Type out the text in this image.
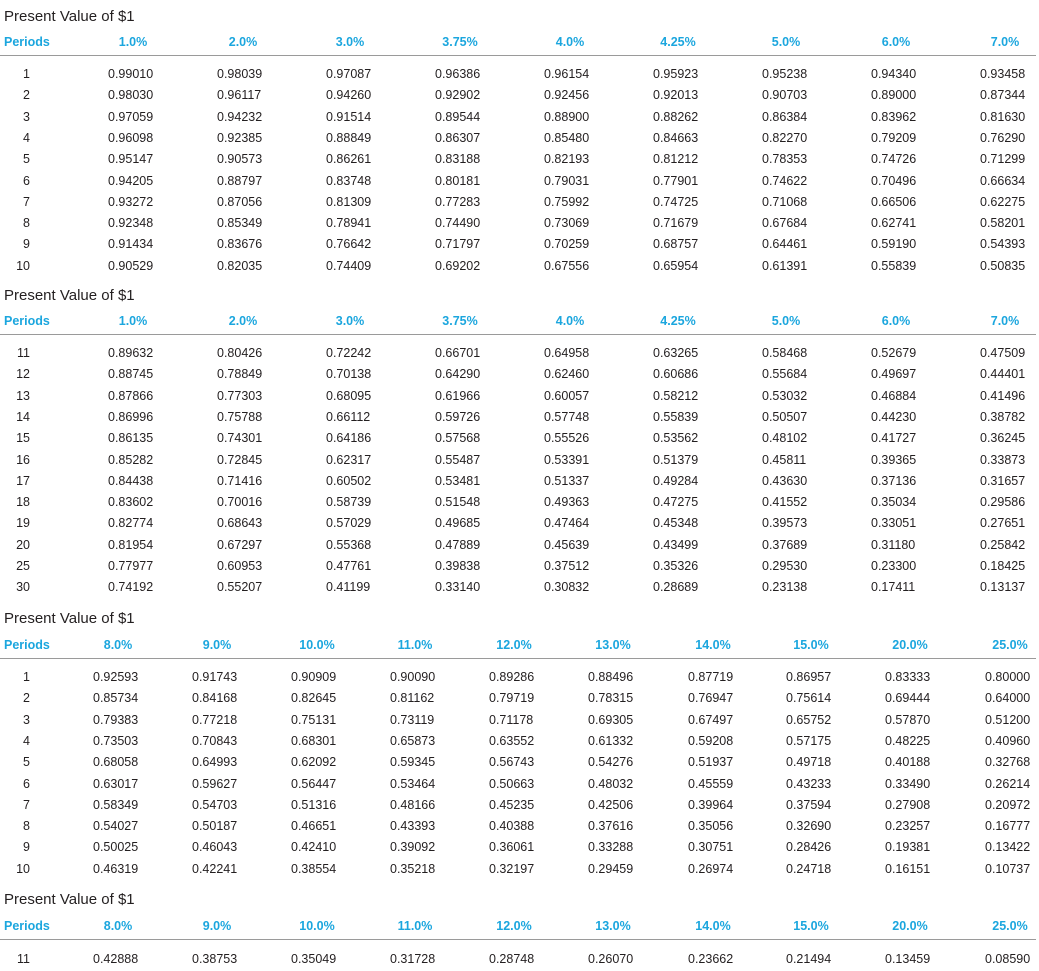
Present Value of $1
Periods	1.0%	2.0%	3.0%	3.75%	4.0%	4.25%	5.0%	6.0%	7.0%
1	0.99010	0.98039	0.97087	0.96386	0.96154	0.95923	0.95238	0.94340	0.93458
2	0.98030	0.96117	0.94260	0.92902	0.92456	0.92013	0.90703	0.89000	0.87344
3	0.97059	0.94232	0.91514	0.89544	0.88900	0.88262	0.86384	0.83962	0.81630
4	0.96098	0.92385	0.88849	0.86307	0.85480	0.84663	0.82270	0.79209	0.76290
5	0.95147	0.90573	0.86261	0.83188	0.82193	0.81212	0.78353	0.74726	0.71299
6	0.94205	0.88797	0.83748	0.80181	0.79031	0.77901	0.74622	0.70496	0.66634
7	0.93272	0.87056	0.81309	0.77283	0.75992	0.74725	0.71068	0.66506	0.62275
8	0.92348	0.85349	0.78941	0.74490	0.73069	0.71679	0.67684	0.62741	0.58201
9	0.91434	0.83676	0.76642	0.71797	0.70259	0.68757	0.64461	0.59190	0.54393
10	0.90529	0.82035	0.74409	0.69202	0.67556	0.65954	0.61391	0.55839	0.50835
Present Value of $1
Periods	1.0%	2.0%	3.0%	3.75%	4.0%	4.25%	5.0%	6.0%	7.0%
11	0.89632	0.80426	0.72242	0.66701	0.64958	0.63265	0.58468	0.52679	0.47509
12	0.88745	0.78849	0.70138	0.64290	0.62460	0.60686	0.55684	0.49697	0.44401
13	0.87866	0.77303	0.68095	0.61966	0.60057	0.58212	0.53032	0.46884	0.41496
14	0.86996	0.75788	0.66112	0.59726	0.57748	0.55839	0.50507	0.44230	0.38782
15	0.86135	0.74301	0.64186	0.57568	0.55526	0.53562	0.48102	0.41727	0.36245
16	0.85282	0.72845	0.62317	0.55487	0.53391	0.51379	0.45811	0.39365	0.33873
17	0.84438	0.71416	0.60502	0.53481	0.51337	0.49284	0.43630	0.37136	0.31657
18	0.83602	0.70016	0.58739	0.51548	0.49363	0.47275	0.41552	0.35034	0.29586
19	0.82774	0.68643	0.57029	0.49685	0.47464	0.45348	0.39573	0.33051	0.27651
20	0.81954	0.67297	0.55368	0.47889	0.45639	0.43499	0.37689	0.31180	0.25842
25	0.77977	0.60953	0.47761	0.39838	0.37512	0.35326	0.29530	0.23300	0.18425
30	0.74192	0.55207	0.41199	0.33140	0.30832	0.28689	0.23138	0.17411	0.13137
Present Value of $1
Periods	8.0%	9.0%	10.0%	11.0%	12.0%	13.0%	14.0%	15.0%	20.0%	25.0%
1	0.92593	0.91743	0.90909	0.90090	0.89286	0.88496	0.87719	0.86957	0.83333	0.80000
2	0.85734	0.84168	0.82645	0.81162	0.79719	0.78315	0.76947	0.75614	0.69444	0.64000
3	0.79383	0.77218	0.75131	0.73119	0.71178	0.69305	0.67497	0.65752	0.57870	0.51200
4	0.73503	0.70843	0.68301	0.65873	0.63552	0.61332	0.59208	0.57175	0.48225	0.40960
5	0.68058	0.64993	0.62092	0.59345	0.56743	0.54276	0.51937	0.49718	0.40188	0.32768
6	0.63017	0.59627	0.56447	0.53464	0.50663	0.48032	0.45559	0.43233	0.33490	0.26214
7	0.58349	0.54703	0.51316	0.48166	0.45235	0.42506	0.39964	0.37594	0.27908	0.20972
8	0.54027	0.50187	0.46651	0.43393	0.40388	0.37616	0.35056	0.32690	0.23257	0.16777
9	0.50025	0.46043	0.42410	0.39092	0.36061	0.33288	0.30751	0.28426	0.19381	0.13422
10	0.46319	0.42241	0.38554	0.35218	0.32197	0.29459	0.26974	0.24718	0.16151	0.10737
Present Value of $1
Periods	8.0%	9.0%	10.0%	11.0%	12.0%	13.0%	14.0%	15.0%	20.0%	25.0%
11	0.42888	0.38753	0.35049	0.31728	0.28748	0.26070	0.23662	0.21494	0.13459	0.08590
